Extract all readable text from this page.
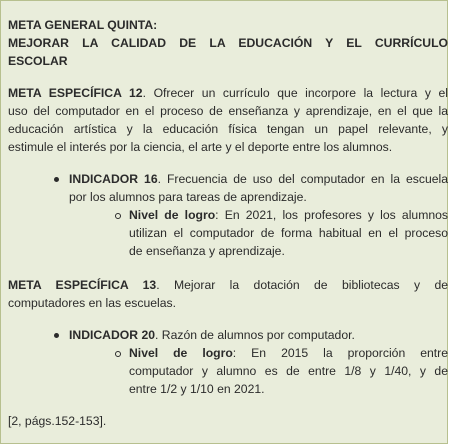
META GENERAL QUINTA:

MEJORAR LA CALIDAD DE LA EDUCACIÓN Y EL CURRÍCULO

ESCOLAR

META ESPECÍFICA 12. Ofrecer un currículo que incorpore la lectura y el

uso del computador en el proceso de enseñanza y aprendizaje, en el que la

educación artística y la educación física tengan un papel relevante, y

estimule el interés por la ciencia, el arte y el deporte entre los alumnos.

INDICADOR 16. Frecuencia de uso del computador en la escuela

por los alumnos para tareas de aprendizaje.

Nivel de logro: En 2021, los profesores y los alumnos

utilizan el computador de forma habitual en el proceso

de enseñanza y aprendizaje.

META ESPECÍFICA 13. Mejorar la dotación de bibliotecas y de

computadores en las escuelas.

INDICADOR 20. Razón de alumnos por computador.

Nivel de logro: En 2015 la proporción entre

computador y alumno es de entre 1/8 y 1/40, y de

entre 1/2 y 1/10 en 2021.

[2, págs.152-153].
